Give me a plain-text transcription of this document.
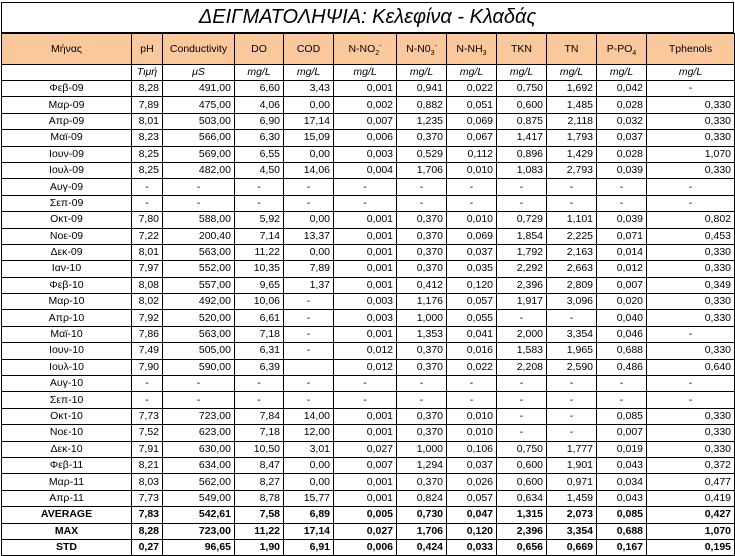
ΔΕΙΓΜΑΤΟΛΗΨΙΑ: Κελεφίνα - Κλαδάς
Μήνας	pH	Conductivity	DO	COD	$N-NO_2^-$	$N-N0_3^-$	$N-NH_3$	TKN	TN	$P-PO_4$	Tphenols
	Τιμή	μS	mg/L	mg/L	mg/L	mg/L	mg/L	mg/L	mg/L	mg/L	mg/L
Φεβ-09	8,28	491,00	6,60	3,43	0,001	0,941	0,022	0,750	1,692	0,042	-
Μαρ-09	7,89	475,00	4,06	0,00	0,002	0,882	0,051	0,600	1,485	0,028	0,330
Απρ-09	8,01	503,00	6,90	17,14	0,007	1,235	0,069	0,875	2,118	0,032	0,330
Μαϊ-09	8,23	566,00	6,30	15,09	0,006	0,370	0,067	1,417	1,793	0,037	0,330
Ιουν-09	8,25	569,00	6,55	0,00	0,003	0,529	0,112	0,896	1,429	0,028	1,070
Ιουλ-09	8,25	482,00	4,50	14,06	0,004	1,706	0,010	1,083	2,793	0,039	0,330
Αυγ-09	-	-	-	-	-	-	-	-	-	-	-
Σεπ-09	-	-	-	-	-	-	-	-	-	-	-
Οκτ-09	7,80	588,00	5,92	0,00	0,001	0,370	0,010	0,729	1,101	0,039	0,802
Νοε-09	7,22	200,40	7,14	13,37	0,001	0,370	0,069	1,854	2,225	0,071	0,453
Δεκ-09	8,01	563,00	11,22	0,00	0,001	0,370	0,037	1,792	2,163	0,014	0,330
Ιαν-10	7,97	552,00	10,35	7,89	0,001	0,370	0,035	2,292	2,663	0,012	0,330
Φεβ-10	8,08	557,00	9,65	1,37	0,001	0,412	0,120	2,396	2,809	0,007	0,349
Μαρ-10	8,02	492,00	10,06	-	0,003	1,176	0,057	1,917	3,096	0,020	0,330
Απρ-10	7,92	520,00	6,61	-	0,003	1,000	0,055	-	-	0,040	0,330
Μαϊ-10	7,86	563,00	7,18	-	0,001	1,353	0,041	2,000	3,354	0,046	-
Ιουν-10	7,49	505,00	6,31	-	0,012	0,370	0,016	1,583	1,965	0,688	0,330
Ιουλ-10	7,90	590,00	6,39		0,012	0,370	0,022	2,208	2,590	0,486	0,640
Αυγ-10	-	-	-	-	-	-	-	-	-	-	-
Σεπ-10	-	-	-	-	-	-	-	-	-	-	-
Οκτ-10	7,73	723,00	7,84	14,00	0,001	0,370	0,010	-	-	0,085	0,330
Νοε-10	7,52	623,00	7,18	12,00	0,001	0,370	0,010	-	-	0,007	0,330
Δεκ-10	7,91	630,00	10,50	3,01	0,027	1,000	0,106	0,750	1,777	0,019	0,330
Φεβ-11	8,21	634,00	8,47	0,00	0,007	1,294	0,037	0,600	1,901	0,043	0,372
Μαρ-11	8,03	562,00	8,27	0,00	0,001	0,370	0,026	0,600	0,971	0,034	0,477
Απρ-11	7,73	549,00	8,78	15,77	0,001	0,824	0,057	0,634	1,459	0,043	0,419
AVERAGE	7,83	542,61	7,58	6,89	0,005	0,730	0,047	1,315	2,073	0,085	0,427
MAX	8,28	723,00	11,22	17,14	0,027	1,706	0,120	2,396	3,354	0,688	1,070
STD	0,27	96,65	1,90	6,91	0,006	0,424	0,033	0,656	0,669	0,167	0,195
